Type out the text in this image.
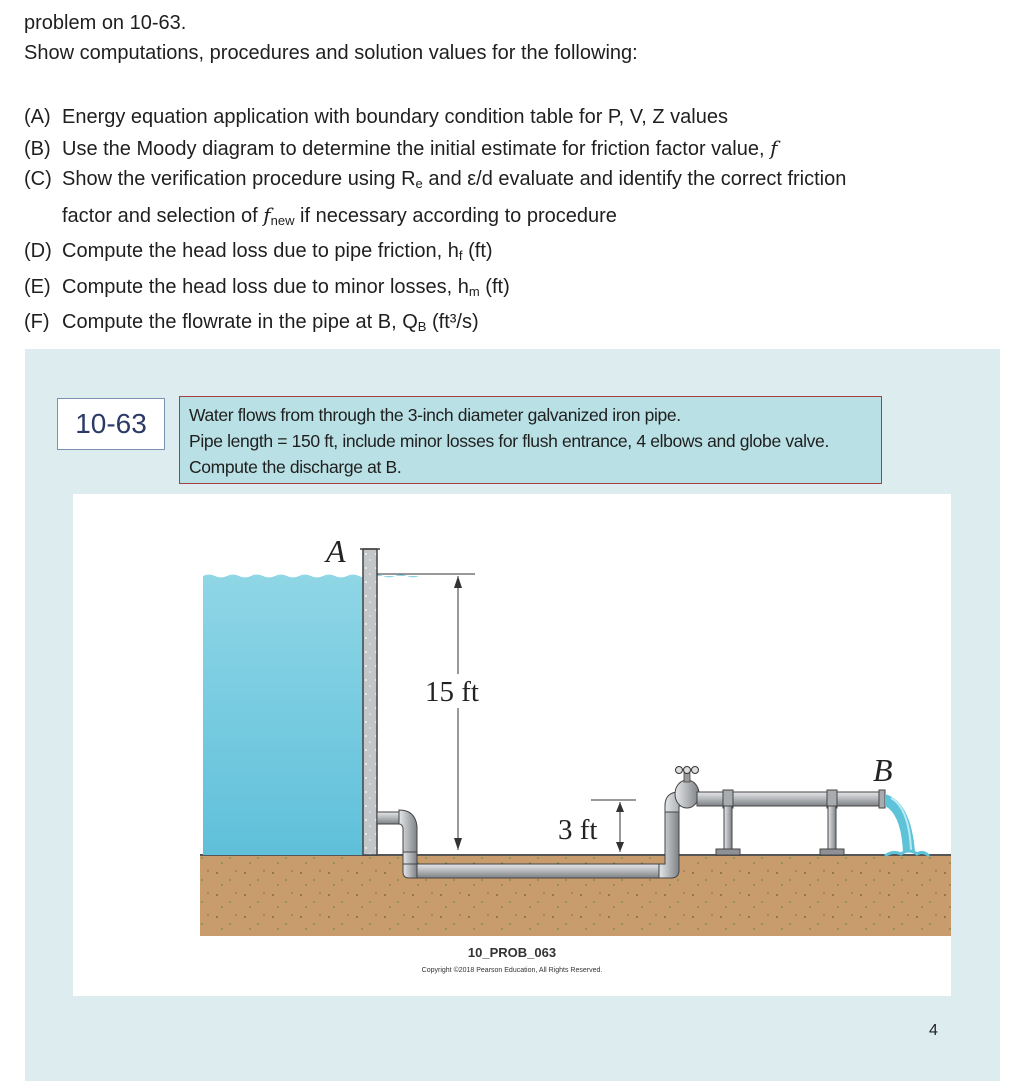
problem on 10-63.
Show computations, procedures and solution values for the following:
(A) Energy equation application with boundary condition table for P, V, Z values
(B) Use the Moody diagram to determine the initial estimate for friction factor value, f
(C) Show the verification procedure using $R_e$ and ε/d evaluate and identify the correct friction
factor and selection of $f_{new}$ if necessary according to procedure
(D) Compute the head loss due to pipe friction, $h_f$ (ft)
(E) Compute the head loss due to minor losses, $h_m$ (ft)
(F) Compute the flowrate in the pipe at B, $Q_B$ (ft³/s)
10-63	Water flows from through the 3-inch diameter galvanized iron pipe.
Pipe length = 150 ft, include minor losses for flush entrance, 4 elbows and globe valve.
Compute the discharge at B.
A
B
15 ft
3 ft
10_PROB_063
Copyright ©2018 Pearson Education, All Rights Reserved.
4
